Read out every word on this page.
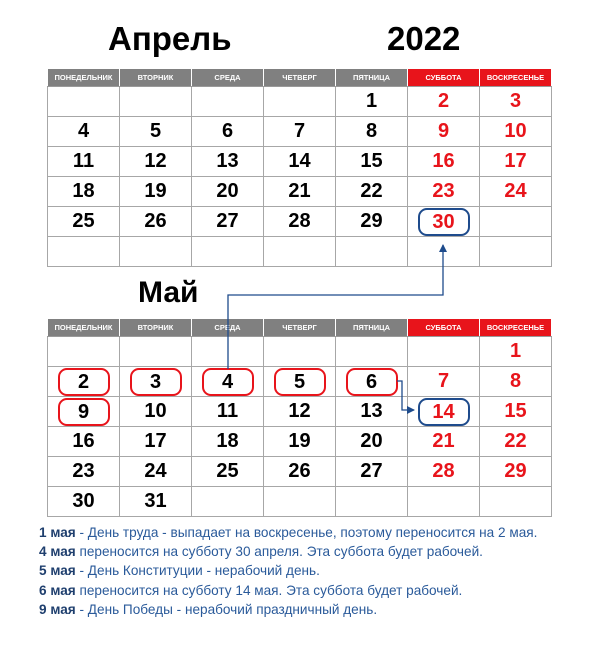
Апрель	2022
ПОНЕДЕЛЬНИК	ВТОРНИК	СРЕДА	ЧЕТВЕРГ	ПЯТНИЦА	СУББОТА	ВОСКРЕСЕНЬЕ
				1	2	3
4	5	6	7	8	9	10
11	12	13	14	15	16	17
18	19	20	21	22	23	24
25	26	27	28	29	30	

Май
ПОНЕДЕЛЬНИК	ВТОРНИК	СРЕДА	ЧЕТВЕРГ	ПЯТНИЦА	СУББОТА	ВОСКРЕСЕНЬЕ
						1
2	3	4	5	6	7	8
9	10	11	12	13	14	15
16	17	18	19	20	21	22
23	24	25	26	27	28	29
30	31					

1 мая - День труда - выпадает на воскресенье, поэтому переносится на 2 мая.

4 мая переносится на субботу 30 апреля. Эта суббота будет рабочей.

5 мая - День Конституции - нерабочий день.

6 мая переносится на субботу 14 мая. Эта суббота будет рабочей.

9 мая - День Победы - нерабочий праздничный день.
